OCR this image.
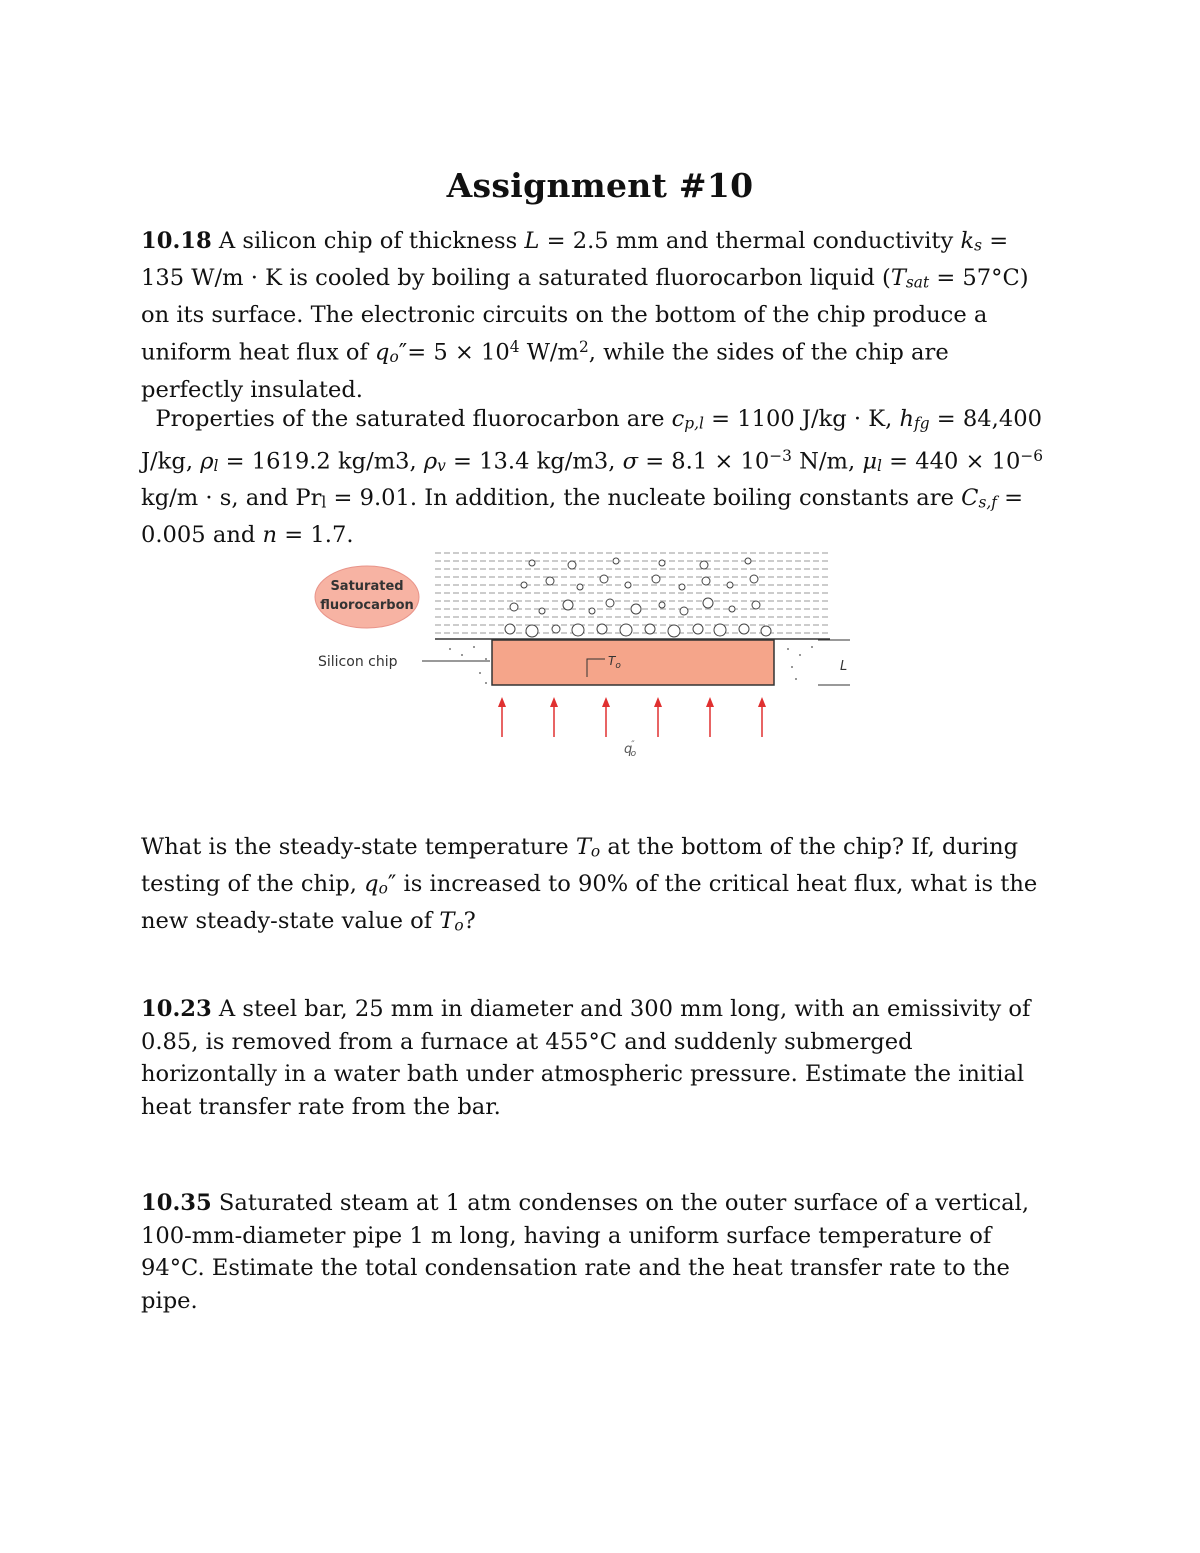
Assignment #10

10.18 A silicon chip of thickness L = 2.5 mm and thermal conductivity ks =
135 W/m · K is cooled by boiling a saturated fluorocarbon liquid (Tsat = 57°C)
on its surface. The electronic circuits on the bottom of the chip produce a
uniform heat flux of $qo''= 5 \times 10^4$ $W/m^2$, while the sides of the chip are
perfectly insulated.

Properties of the saturated fluorocarbon are cp,l = 1100 J/kg · K, hfg = 84,400
J/kg, ρl = 1619.2 kg/m3, ρv = 13.4 kg/m3, $\sigma = 8.1 \times 10^{-3}$ N/m, $\mu l = 440 \times 10^{-6}$
kg/m · s, and Prl = 9.01. In addition, the nucleate boiling constants are Cs,f =
0.005 and n = 1.7.

$T_o$
Saturated
fluorocarbon
Silicon chip	L
q″ o

What is the steady-state temperature To at the bottom of the chip? If, during
testing of the chip, qo″ is increased to 90% of the critical heat flux, what is the
new steady-state value of To?

10.23 A steel bar, 25 mm in diameter and 300 mm long, with an emissivity of
0.85, is removed from a furnace at 455°C and suddenly submerged
horizontally in a water bath under atmospheric pressure. Estimate the initial
heat transfer rate from the bar.

10.35 Saturated steam at 1 atm condenses on the outer surface of a vertical,
100-mm-diameter pipe 1 m long, having a uniform surface temperature of
94°C. Estimate the total condensation rate and the heat transfer rate to the
pipe.
